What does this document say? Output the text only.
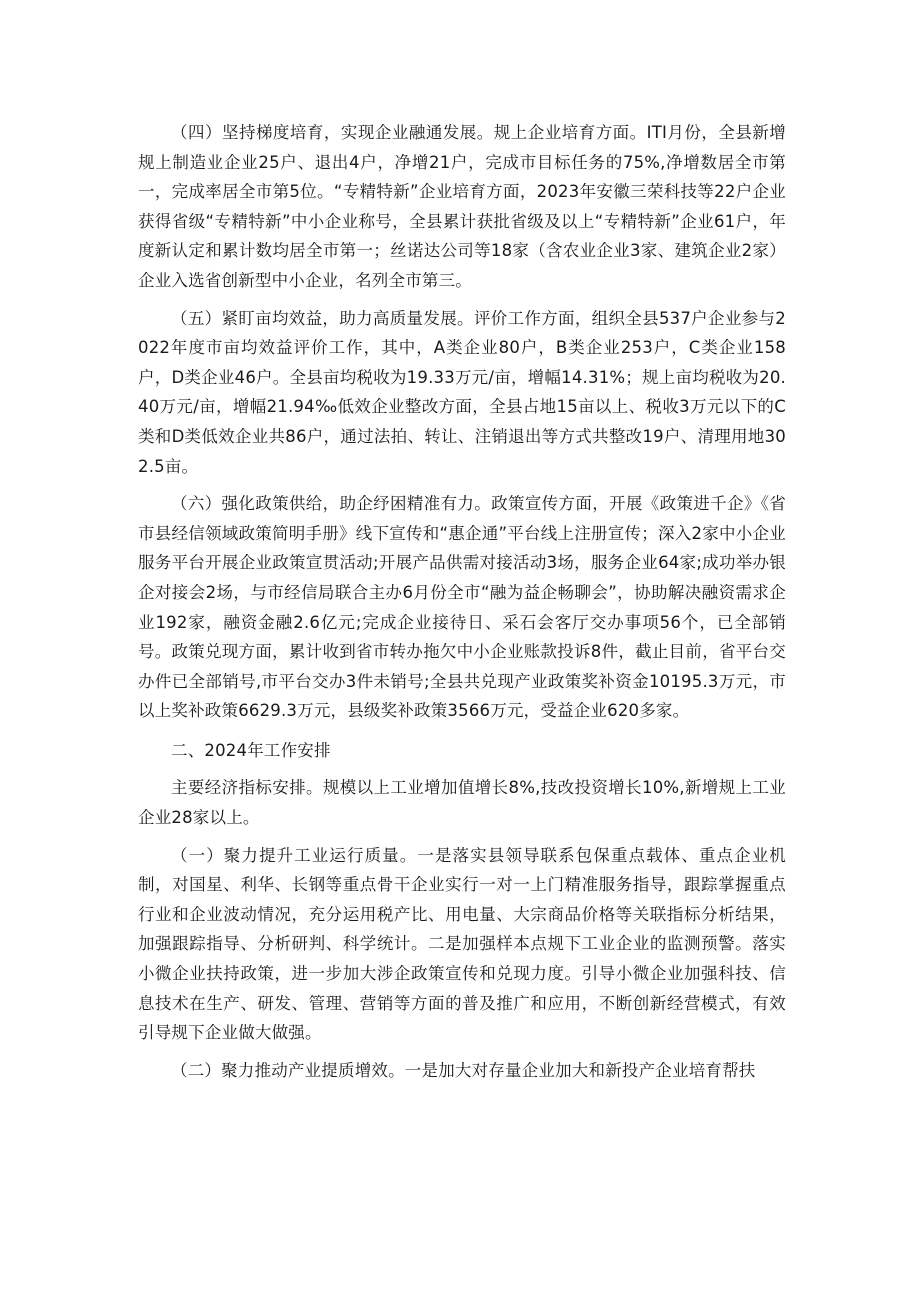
（四）坚持梯度培育，实现企业融通发展。规上企业培育方面。ITI月份，全县新增规上制造业企业25户、退出4户，净增21户，完成市目标任务的75%,净增数居全市第一，完成率居全市第5位。“专精特新”企业培育方面，2023年安徽三荣科技等22户企业获得省级“专精特新”中小企业称号，全县累计获批省级及以上“专精特新”企业61户，年度新认定和累计数均居全市第一；丝诺达公司等18家（含农业企业3家、建筑企业2家）企业入选省创新型中小企业，名列全市第三。

（五）紧盯亩均效益，助力高质量发展。评价工作方面，组织全县537户企业参与2022年度市亩均效益评价工作，其中，A类企业80户，B类企业253户，C类企业158户，D类企业46户。全县亩均税收为19.33万元/亩，增幅14.31%；规上亩均税收为20.40万元/亩，增幅21.94‰低效企业整改方面，全县占地15亩以上、税收3万元以下的C类和D类低效企业共86户，通过法拍、转让、注销退出等方式共整改19户、清理用地302.5亩。

（六）强化政策供给，助企纾困精准有力。政策宣传方面，开展《政策进千企》《省市县经信领域政策简明手册》线下宣传和“惠企通”平台线上注册宣传；深入2家中小企业服务平台开展企业政策宣贯活动;开展产品供需对接活动3场，服务企业64家;成功举办银企对接会2场，与市经信局联合主办6月份全市“融为益企畅聊会”，协助解决融资需求企业192家，融资金融2.6亿元;完成企业接待日、采石会客厅交办事项56个，已全部销号。政策兑现方面，累计收到省市转办拖欠中小企业账款投诉8件，截止目前，省平台交办件已全部销号,市平台交办3件未销号;全县共兑现产业政策奖补资金10195.3万元，市以上奖补政策6629.3万元，县级奖补政策3566万元，受益企业620多家。

二、2024年工作安排

主要经济指标安排。规模以上工业增加值增长8%,技改投资增长10%,新增规上工业企业28家以上。

（一）聚力提升工业运行质量。一是落实县领导联系包保重点载体、重点企业机制，对国星、利华、长钢等重点骨干企业实行一对一上门精准服务指导，跟踪掌握重点行业和企业波动情况，充分运用税产比、用电量、大宗商品价格等关联指标分析结果，加强跟踪指导、分析研判、科学统计。二是加强样本点规下工业企业的监测预警。落实小微企业扶持政策，进一步加大涉企政策宣传和兑现力度。引导小微企业加强科技、信息技术在生产、研发、管理、营销等方面的普及推广和应用，不断创新经营模式，有效引导规下企业做大做强。

（二）聚力推动产业提质增效。一是加大对存量企业加大和新投产企业培育帮扶
